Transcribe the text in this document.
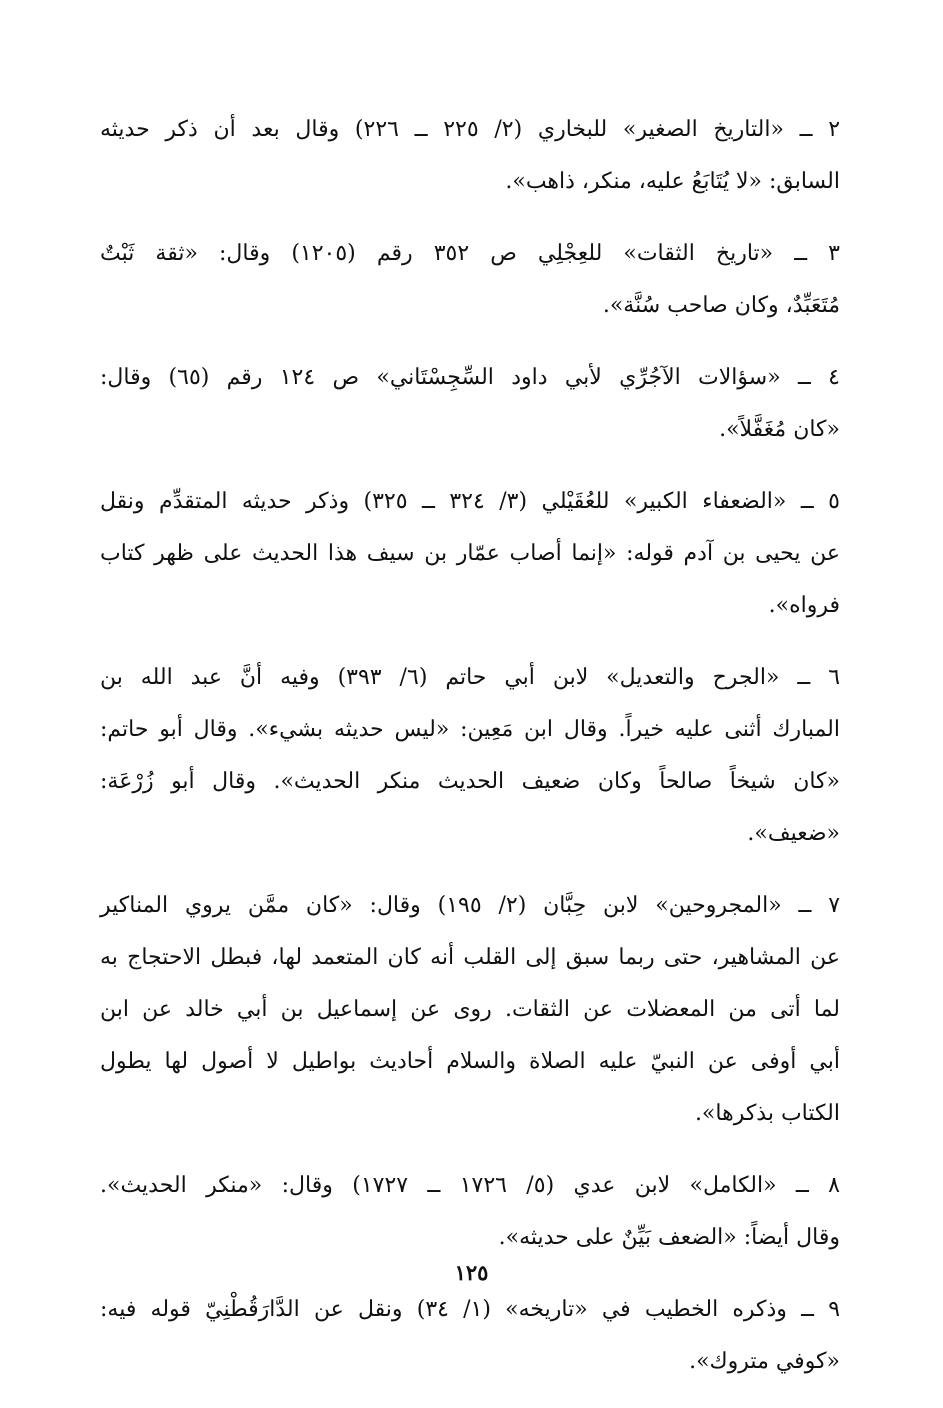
٢ ــ «التاريخ الصغير» للبخاري (٢/ ٢٢٥ ــ ٢٢٦) وقال بعد أن ذكر حديثه
السابق: «لا يُتَابَعُ عليه، منكر، ذاهب».

٣ ــ «تاريخ الثقات» للعِجْلِي ص ٣٥٢ رقم (١٢٠٥) وقال: «ثقة ثَبْتٌ
مُتَعَبِّدٌ، وكان صاحب سُنَّة».

٤ ــ «سؤالات الآجُرِّي لأبي داود السِّجِسْتَاني» ص ١٢٤ رقم (٦٥) وقال:
«كان مُغَفَّلاً».

٥ ــ «الضعفاء الكبير» للعُقَيْلي (٣/ ٣٢٤ ــ ٣٢٥) وذكر حديثه المتقدِّم ونقل
عن يحيى بن آدم قوله: «إنما أصاب عمّار بن سيف هذا الحديث على ظهر كتاب
فرواه».

٦ ــ «الجرح والتعديل» لابن أبي حاتم (٦/ ٣٩٣) وفيه أنَّ عبد الله بن
المبارك أثنى عليه خيراً. وقال ابن مَعِين: «ليس حديثه بشيء». وقال أبو حاتم:
«كان شيخاً صالحاً وكان ضعيف الحديث منكر الحديث». وقال أبو زُرْعَة:
«ضعيف».

٧ ــ «المجروحين» لابن حِبَّان (٢/ ١٩٥) وقال: «كان ممَّن يروي المناكير
عن المشاهير، حتى ربما سبق إلى القلب أنه كان المتعمد لها، فبطل الاحتجاج به
لما أتى من المعضلات عن الثقات. روى عن إسماعيل بن أبي خالد عن ابن
أبي أوفى عن النبيّ عليه الصلاة والسلام أحاديث بواطيل لا أصول لها يطول
الكتاب بذكرها».

٨ ــ «الكامل» لابن عدي (٥/ ١٧٢٦ ــ ١٧٢٧) وقال: «منكر الحديث».
وقال أيضاً: «الضعف بَيِّنٌ على حديثه».

٩ ــ وذكره الخطيب في «تاريخه» (١/ ٣٤) ونقل عن الدَّارَقُطْنِيّ قوله فيه:
«كوفي متروك».

١٢٥
